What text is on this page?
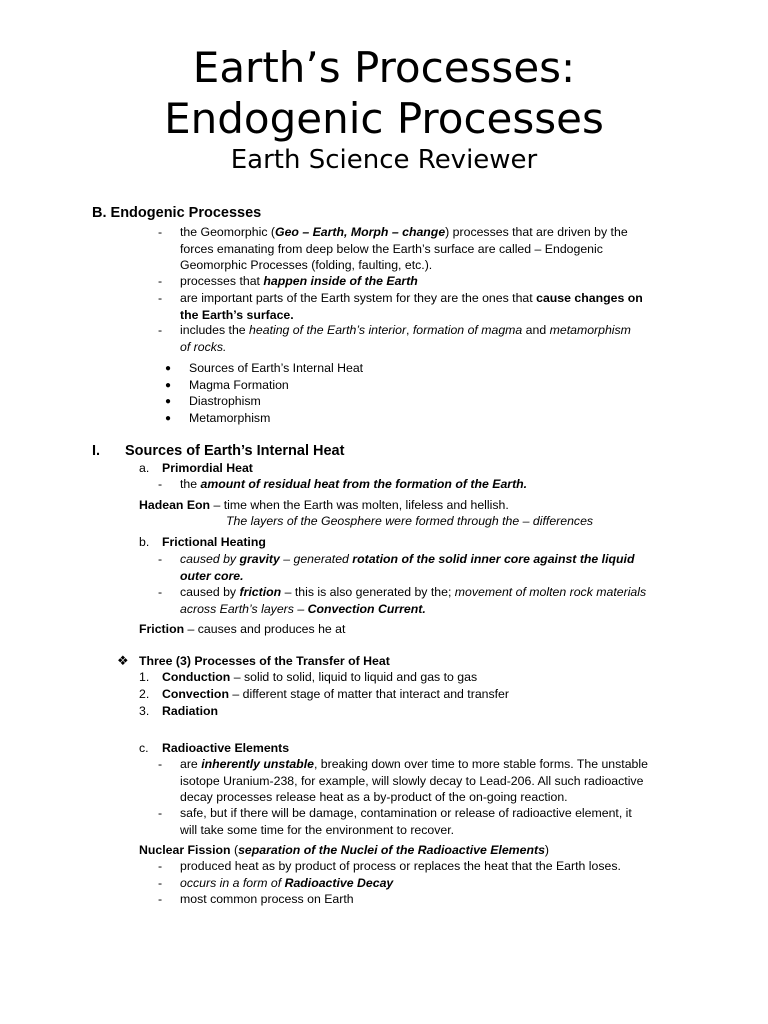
Earth’s Processes:
Endogenic Processes
Earth Science Reviewer
B. Endogenic Processes
-	the Geomorphic (Geo – Earth, Morph – change) processes that are driven by the
forces emanating from deep below the Earth’s surface are called – Endogenic
Geomorphic Processes (folding, faulting, etc.).
-	processes that happen inside of the Earth
-	are important parts of the Earth system for they are the ones that cause changes on
the Earth’s surface.
-	includes the heating of the Earth’s interior, formation of magma and metamorphism
of rocks.
● Sources of Earth’s Internal Heat
● Magma Formation
● Diastrophism
● Metamorphism
I. Sources of Earth’s Internal Heat
a. Primordial Heat
-	the amount of residual heat from the formation of the Earth.
Hadean Eon – time when the Earth was molten, lifeless and hellish.
The layers of the Geosphere were formed through the – differences
b. Frictional Heating
-	caused by gravity – generated rotation of the solid inner core against the liquid
outer core.
-	caused by friction – this is also generated by the; movement of molten rock materials
across Earth’s layers – Convection Current.
Friction – causes and produces he at
❖ Three (3) Processes of the Transfer of Heat
1. Conduction – solid to solid, liquid to liquid and gas to gas
2. Convection – different stage of matter that interact and transfer
3. Radiation
c. Radioactive Elements
-	are inherently unstable, breaking down over time to more stable forms. The unstable
isotope Uranium-238, for example, will slowly decay to Lead-206. All such radioactive
decay processes release heat as a by-product of the on-going reaction.
-	safe, but if there will be damage, contamination or release of radioactive element, it
will take some time for the environment to recover.
Nuclear Fission (separation of the Nuclei of the Radioactive Elements)
-	produced heat as by product of process or replaces the heat that the Earth loses.
-	occurs in a form of Radioactive Decay
-	most common process on Earth
